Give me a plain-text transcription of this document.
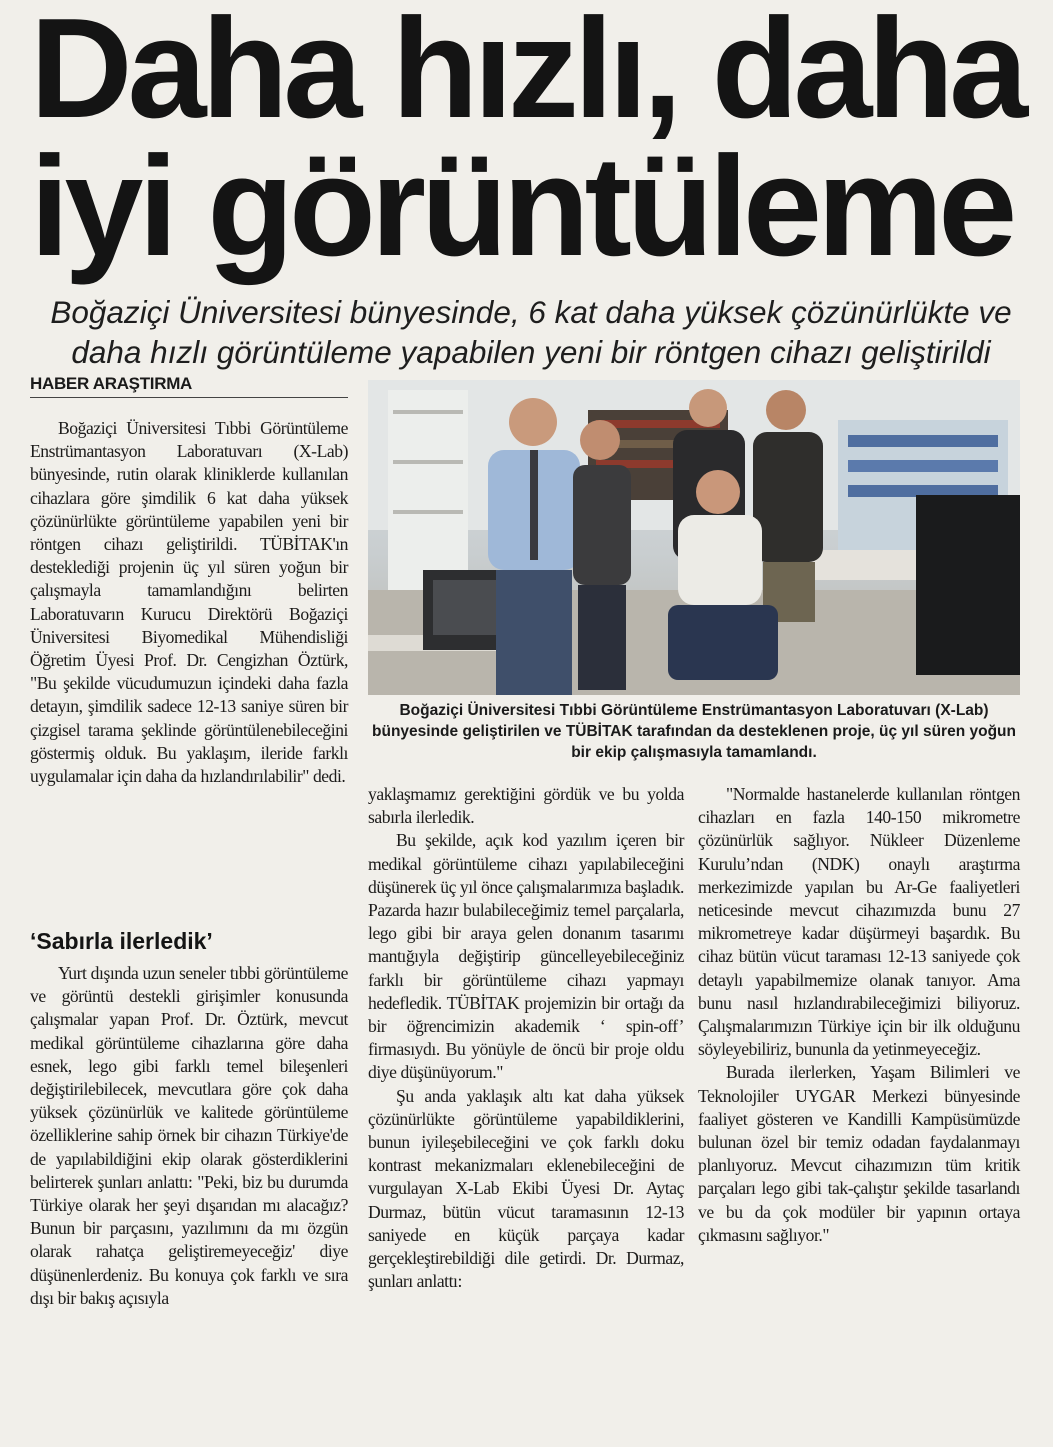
Daha hızlı, daha
iyi görüntüleme
Boğaziçi Üniversitesi bünyesinde, 6 kat daha yüksek çözünürlükte ve
daha hızlı görüntüleme yapabilen yeni bir röntgen cihazı geliştirildi
HABER ARAŞTIRMA
Boğaziçi Üniversitesi Tıbbi Görüntüleme Enstrümantasyon Laboratuvarı (X-Lab) bünyesinde geliştirilen ve TÜBİTAK tarafından da desteklenen proje, üç yıl süren yoğun bir ekip çalışmasıyla tamamlandı.

Boğaziçi Üniversitesi Tıbbi Görüntüleme Enstrümantasyon Laboratuvarı (X-Lab) bünyesinde, rutin olarak kliniklerde kullanılan cihazlara göre şimdilik 6 kat daha yüksek çözünürlükte görüntüleme yapabilen yeni bir röntgen cihazı geliştirildi. TÜBİTAK'ın desteklediği projenin üç yıl süren yoğun bir çalışmayla tamamlandığını belirten Laboratuvarın Kurucu Direktörü Boğaziçi Üniversitesi Biyomedikal Mühendisliği Öğretim Üyesi Prof. Dr. Cengizhan Öztürk, "Bu şekilde vücudumuzun içindeki daha fazla detayın, şimdilik sadece 12-13 saniye süren bir çizgisel tarama şeklinde görüntülenebileceğini göstermiş olduk. Bu yaklaşım, ileride farklı uygulamalar için daha da hızlandırılabilir" dedi.

‘Sabırla ilerledik’

Yurt dışında uzun seneler tıbbi görüntüleme ve görüntü destekli girişimler konusunda çalışmalar yapan Prof. Dr. Öztürk, mevcut medikal görüntüleme cihazlarına göre daha esnek, lego gibi farklı temel bileşenleri değiştirilebilecek, mevcutlara göre çok daha yüksek çözünürlük ve kalitede görüntüleme özelliklerine sahip örnek bir cihazın Türkiye'de de yapılabildiğini ekip olarak gösterdiklerini belirterek şunları anlattı: "Peki, biz bu durumda Türkiye olarak her şeyi dışarıdan mı alacağız? Bunun bir parçasını, yazılımını da mı özgün olarak rahatça geliştiremeyeceğiz' diye düşünenlerdeniz. Bu konuya çok farklı ve sıra dışı bir bakış açısıyla

yaklaşmamız gerektiğini gördük ve bu yolda sabırla ilerledik.

Bu şekilde, açık kod yazılım içeren bir medikal görüntüleme cihazı yapılabileceğini düşünerek üç yıl önce çalışmalarımıza başladık. Pazarda hazır bulabileceğimiz temel parçalarla, lego gibi bir araya gelen donanım tasarımı mantığıyla değiştirip güncelleyebileceğiniz farklı bir görüntüleme cihazı yapmayı hedefledik. TÜBİTAK projemizin bir ortağı da bir öğrencimizin akademik ‘ spin-off’ firmasıydı. Bu yönüyle de öncü bir proje oldu diye düşünüyorum."

Şu anda yaklaşık altı kat daha yüksek çözünürlükte görüntüleme yapabildiklerini, bunun iyileşebileceğini ve çok farklı doku kontrast mekanizmaları eklenebileceğini de vurgulayan X-Lab Ekibi Üyesi Dr. Aytaç Durmaz, bütün vücut taramasının 12-13 saniyede en küçük parçaya kadar gerçekleştirebildiği dile getirdi. Dr. Durmaz, şunları anlattı:

"Normalde hastanelerde kullanılan röntgen cihazları en fazla 140-150 mikrometre çözünürlük sağlıyor. Nükleer Düzenleme Kurulu’ndan (NDK) onaylı araştırma merkezimizde yapılan bu Ar-Ge faaliyetleri neticesinde mevcut cihazımızda bunu 27 mikrometreye kadar düşürmeyi başardık. Bu cihaz bütün vücut taraması 12-13 saniyede çok detaylı yapabilmemize olanak tanıyor. Ama bunu nasıl hızlandırabileceğimizi biliyoruz. Çalışmalarımızın Türkiye için bir ilk olduğunu söyleyebiliriz, bununla da yetinmeyeceğiz.

Burada ilerlerken, Yaşam Bilimleri ve Teknolojiler UYGAR Merkezi bünyesinde faaliyet gösteren ve Kandilli Kampüsümüzde bulunan özel bir temiz odadan faydalanmayı planlıyoruz. Mevcut cihazımızın tüm kritik parçaları lego gibi tak-çalıştır şekilde tasarlandı ve bu da çok modüler bir yapının ortaya çıkmasını sağlıyor."
